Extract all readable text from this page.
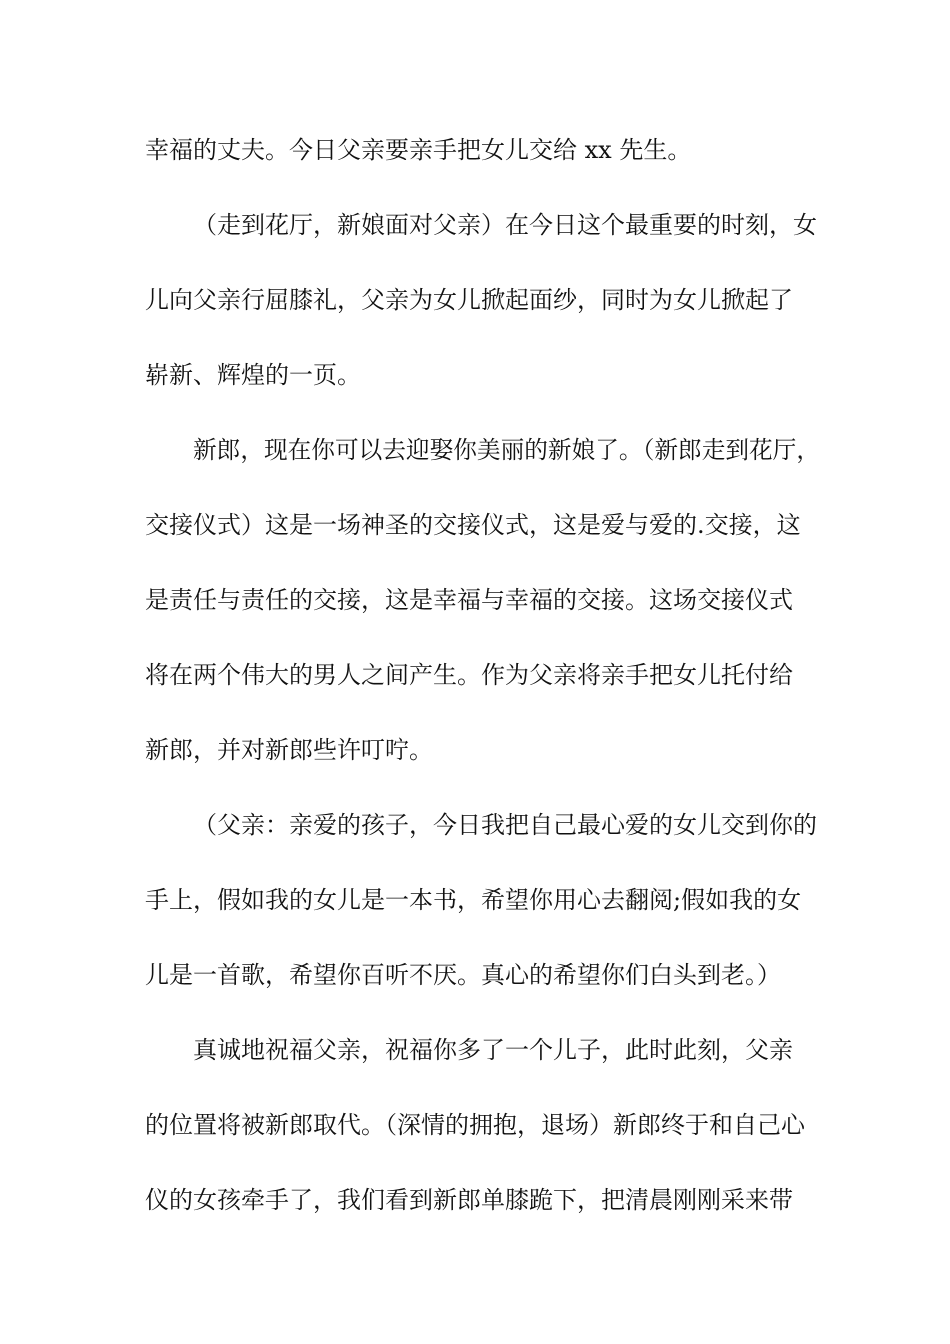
幸福的丈夫。今日父亲要亲手把女儿交给 xx 先生。
（走到花厅，新娘面对父亲）在今日这个最重要的时刻，女
儿向父亲行屈膝礼，父亲为女儿掀起面纱，同时为女儿掀起了
崭新、辉煌的一页。
新郎，现在你可以去迎娶你美丽的新娘了。（新郎走到花厅，
交接仪式）这是一场神圣的交接仪式，这是爱与爱的.交接，这
是责任与责任的交接，这是幸福与幸福的交接。这场交接仪式
将在两个伟大的男人之间产生。作为父亲将亲手把女儿托付给
新郎，并对新郎些许叮咛。
（父亲：亲爱的孩子，今日我把自己最心爱的女儿交到你的
手上，假如我的女儿是一本书，希望你用心去翻阅;假如我的女
儿是一首歌，希望你百听不厌。真心的希望你们白头到老。）
真诚地祝福父亲，祝福你多了一个儿子，此时此刻，父亲
的位置将被新郎取代。（深情的拥抱，退场）新郎终于和自己心
仪的女孩牵手了，我们看到新郎单膝跪下，把清晨刚刚采来带
